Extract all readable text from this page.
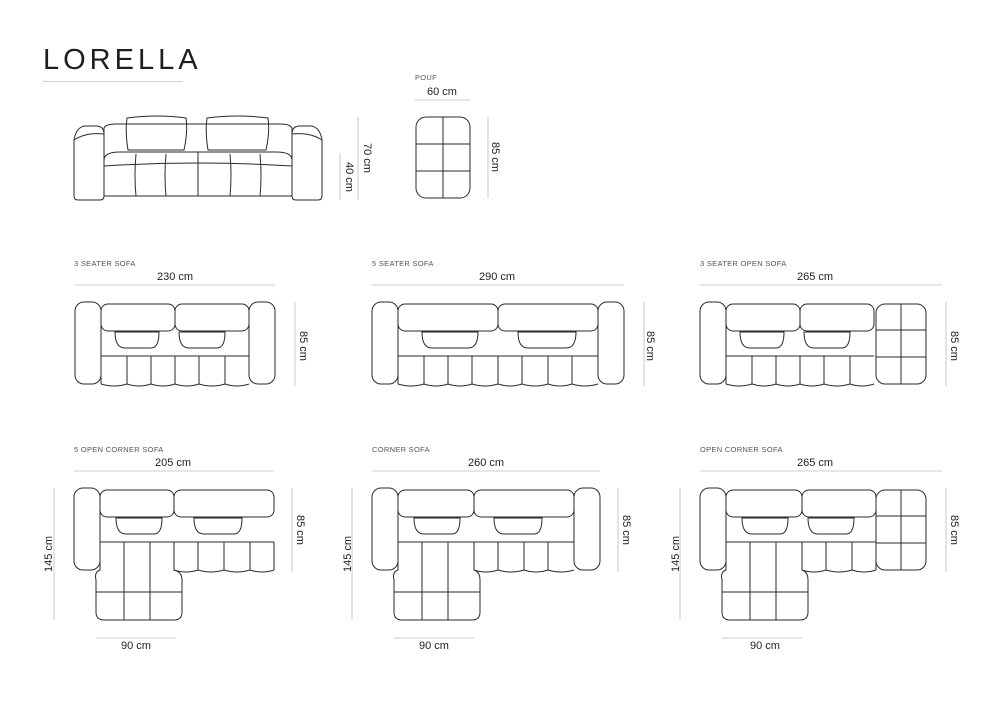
LORELLA
70 cm
40 cm
POUF
60 cm
85 cm
3 SEATER SOFA
230 cm
85 cm
5 SEATER SOFA
290 cm
85 cm
3 SEATER OPEN SOFA
265 cm
85 cm
5 OPEN CORNER SOFA
205 cm
85 cm
145 cm
90 cm
CORNER SOFA
260 cm
85 cm
145 cm
90 cm
OPEN CORNER SOFA
265 cm
85 cm
145 cm
90 cm
